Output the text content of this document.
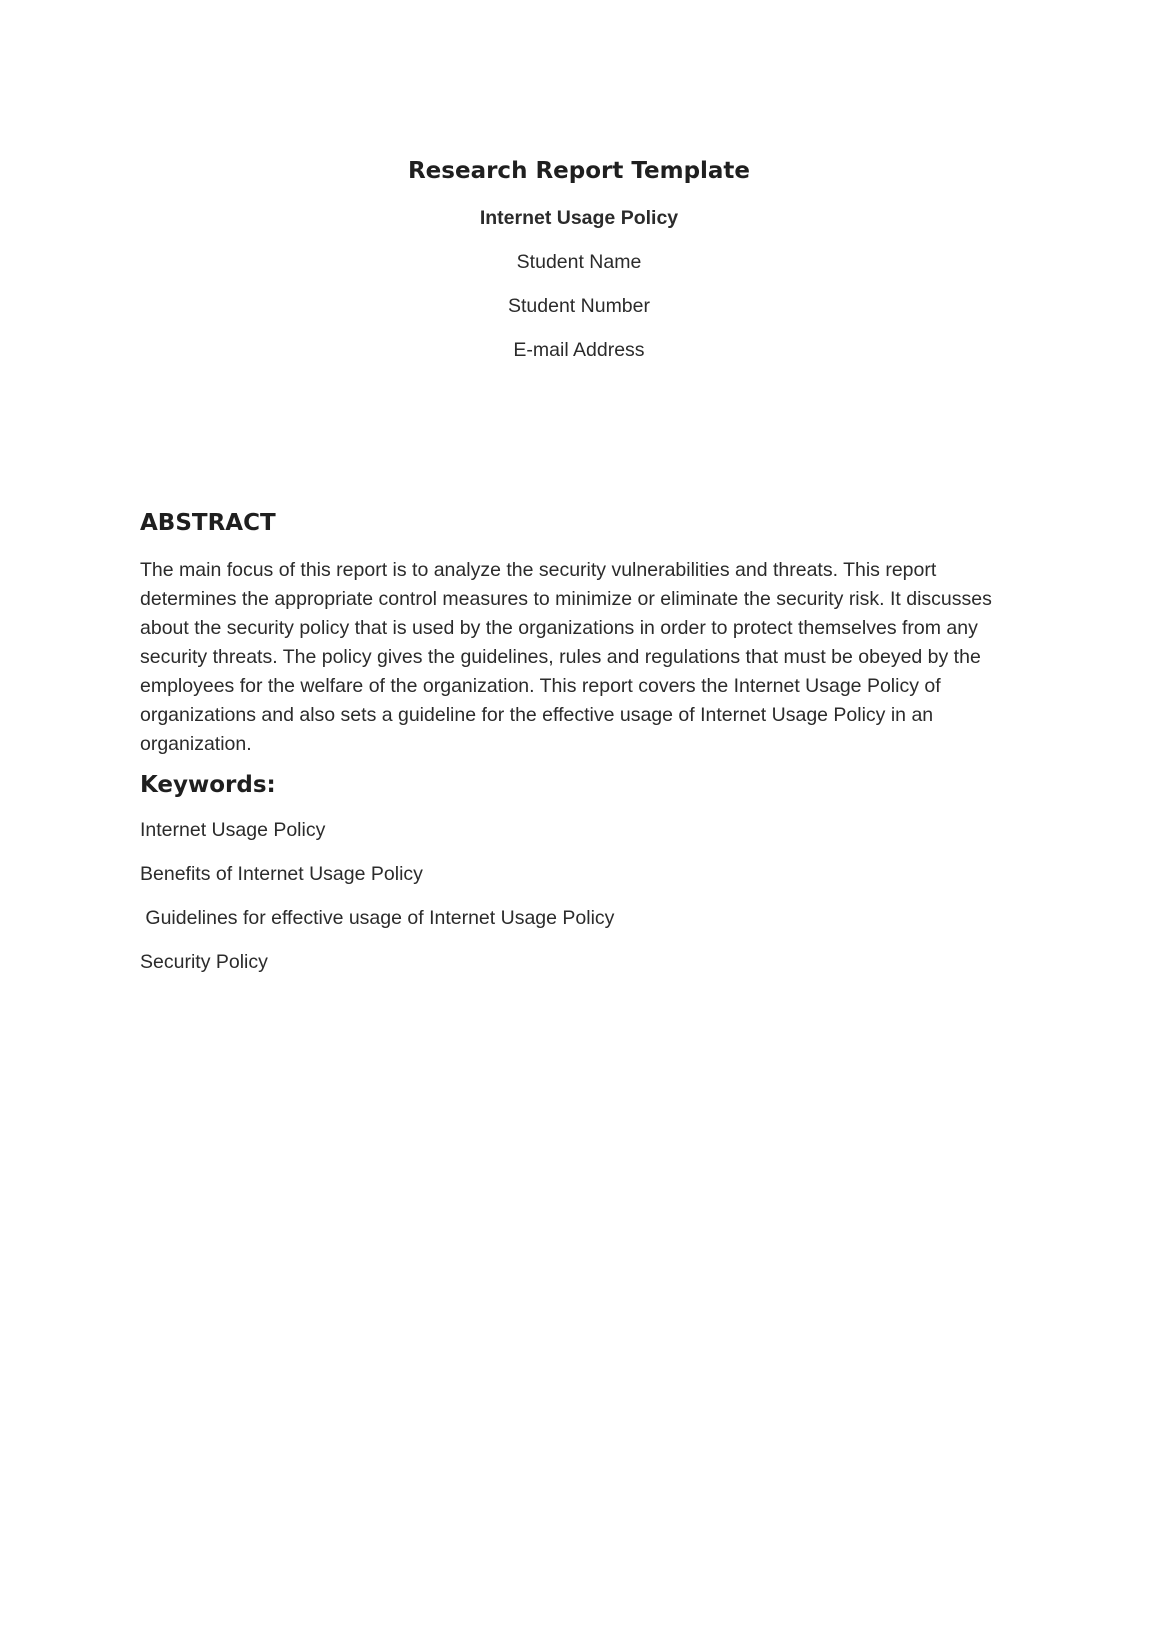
Research Report Template

Internet Usage Policy

Student Name

Student Number

E-mail Address

ABSTRACT

The main focus of this report is to analyze the security vulnerabilities and threats. This report determines the appropriate control measures to minimize or eliminate the security risk. It discusses about the security policy that is used by the organizations in order to protect themselves from any security threats. The policy gives the guidelines, rules and regulations that must be obeyed by the employees for the welfare of the organization. This report covers the Internet Usage Policy of organizations and also sets a guideline for the effective usage of Internet Usage Policy in an organization.

Keywords:
Internet Usage Policy
Benefits of Internet Usage Policy
Guidelines for effective usage of Internet Usage Policy
Security Policy
